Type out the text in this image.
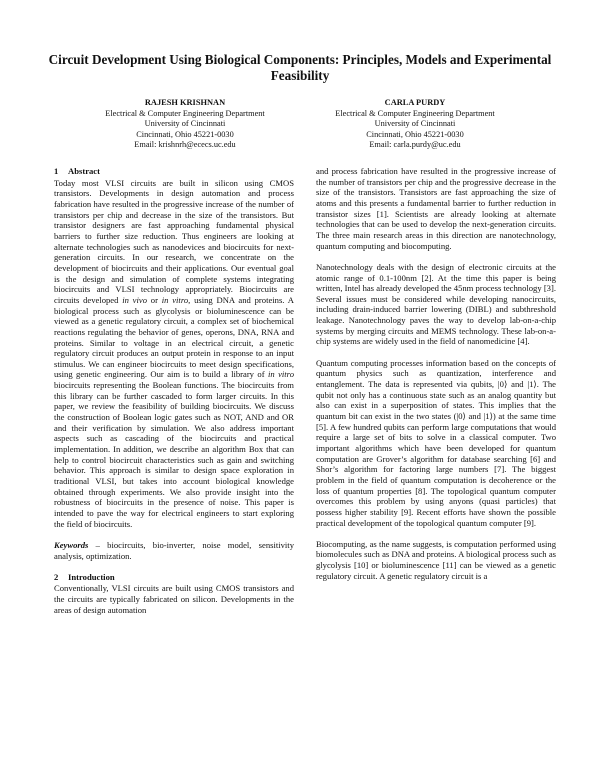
Circuit Development Using Biological Components: Principles, Models and Experimental Feasibility
RAJESH KRISHNAN
Electrical & Computer Engineering Department
University of Cincinnati
Cincinnati, Ohio 45221-0030
Email: krishnrh@ececs.uc.edu
CARLA PURDY
Electrical & Computer Engineering Department
University of Cincinnati
Cincinnati, Ohio 45221-0030
Email: carla.purdy@uc.edu
1 Abstract

Today most VLSI circuits are built in silicon using CMOS transistors. Developments in design automation and process fabrication have resulted in the progressive increase of the number of transistors per chip and decrease in the size of the transistors. But transistor designers are fast approaching fundamental physical barriers to further size reduction. Thus engineers are looking at alternate technologies such as nanodevices and biocircuits for next-generation circuits. In our research, we concentrate on the development of biocircuits and their applications. Our eventual goal is the design and simulation of complete systems integrating biocircuits and VLSI technology appropriately. Biocircuits are circuits developed in vivo or in vitro, using DNA and proteins. A biological process such as glycolysis or bioluminescence can be viewed as a genetic regulatory circuit, a complex set of biochemical reactions regulating the behavior of genes, operons, DNA, RNA and proteins. Similar to voltage in an electrical circuit, a genetic regulatory circuit produces an output protein in response to an input stimulus. We can engineer biocircuits to meet design specifications, using genetic engineering. Our aim is to build a library of in vitro biocircuits representing the Boolean functions. The biocircuits from this library can be further cascaded to form larger circuits. In this paper, we review the feasibility of building biocircuits. We discuss the construction of Boolean logic gates such as NOT, AND and OR and their verification by simulation. We also address important aspects such as cascading of the biocircuits and practical implementation. In addition, we describe an algorithm Box that can help to control biocircuit characteristics such as gain and switching behavior. This approach is similar to design space exploration in traditional VLSI, but takes into account biological knowledge obtained through experiments. We also provide insight into the robustness of biocircuits in the presence of noise. This paper is intended to pave the way for electrical engineers to start exploring the field of biocircuits.

Keywords – biocircuits, bio-inverter, noise model, sensitivity analysis, optimization.

2 Introduction

Conventionally, VLSI circuits are built using CMOS transistors and the circuits are typically fabricated on silicon. Developments in the areas of design automation

and process fabrication have resulted in the progressive increase of the number of transistors per chip and the progressive decrease in the size of the transistors. Transistors are fast approaching the size of atoms and this presents a fundamental barrier to further reduction in transistor sizes [1]. Scientists are already looking at alternate technologies that can be used to develop the next-generation circuits. The three main research areas in this direction are nanotechnology, quantum computing and biocomputing.

Nanotechnology deals with the design of electronic circuits at the atomic range of 0.1-100nm [2]. At the time this paper is being written, Intel has already developed the 45nm process technology [3]. Several issues must be considered while developing nanocircuits, including drain-induced barrier lowering (DIBL) and subthreshold leakage. Nanotechnology paves the way to develop lab-on-a-chip systems by merging circuits and MEMS technology. These lab-on-a-chip systems are widely used in the field of nanomedicine [4].

Quantum computing processes information based on the concepts of quantum physics such as quantization, interference and entanglement. The data is represented via qubits, |0⟩ and |1⟩. The qubit not only has a continuous state such as an analog quantity but also can exist in a superposition of states. This implies that the quantum bit can exist in the two states (|0⟩ and |1⟩) at the same time [5]. A few hundred qubits can perform large computations that would require a large set of bits to solve in a classical computer. Two important algorithms which have been developed for quantum computation are Grover’s algorithm for database searching [6] and Shor’s algorithm for factoring large numbers [7]. The biggest problem in the field of quantum computation is decoherence or the loss of quantum properties [8]. The topological quantum computer overcomes this problem by using anyons (quasi particles) that possess higher stability [9]. Recent efforts have shown the possible practical development of the topological quantum computer [9].

Biocomputing, as the name suggests, is computation performed using biomolecules such as DNA and proteins. A biological process such as glycolysis [10] or bioluminescence [11] can be viewed as a genetic regulatory circuit. A genetic regulatory circuit is a
